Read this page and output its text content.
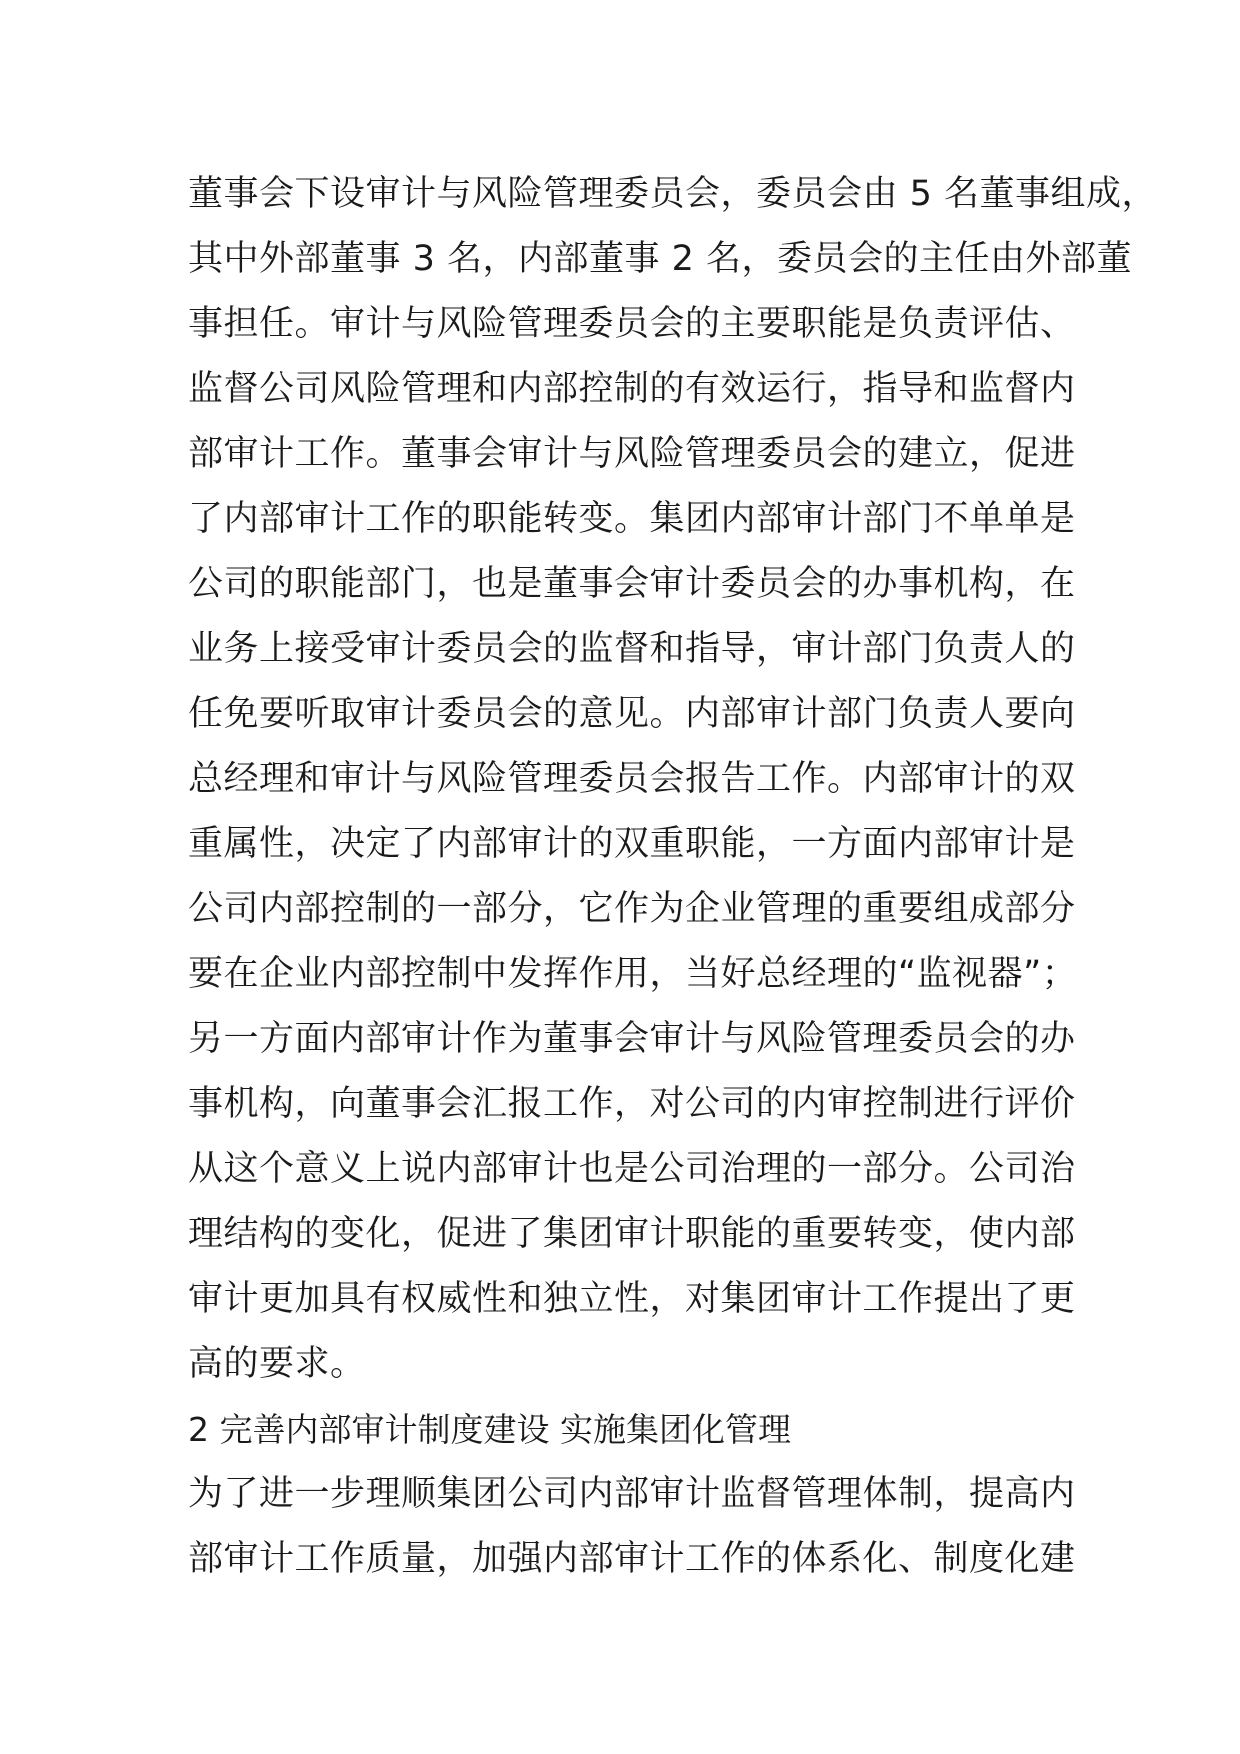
董事会下设审计与风险管理委员会，委员会由 5 名董事组成，
其中外部董事 3 名，内部董事 2 名，委员会的主任由外部董
事担任。审计与风险管理委员会的主要职能是负责评估、
监督公司风险管理和内部控制的有效运行，指导和监督内
部审计工作。董事会审计与风险管理委员会的建立，促进
了内部审计工作的职能转变。集团内部审计部门不单单是
公司的职能部门，也是董事会审计委员会的办事机构，在
业务上接受审计委员会的监督和指导，审计部门负责人的
任免要听取审计委员会的意见。内部审计部门负责人要向
总经理和审计与风险管理委员会报告工作。内部审计的双
重属性，决定了内部审计的双重职能，一方面内部审计是
公司内部控制的一部分，它作为企业管理的重要组成部分
要在企业内部控制中发挥作用，当好总经理的“监视器”；
另一方面内部审计作为董事会审计与风险管理委员会的办
事机构，向董事会汇报工作，对公司的内审控制进行评价
从这个意义上说内部审计也是公司治理的一部分。公司治
理结构的变化，促进了集团审计职能的重要转变，使内部
审计更加具有权威性和独立性，对集团审计工作提出了更
高的要求。
2 完善内部审计制度建设 实施集团化管理
为了进一步理顺集团公司内部审计监督管理体制，提高内
部审计工作质量，加强内部审计工作的体系化、制度化建
